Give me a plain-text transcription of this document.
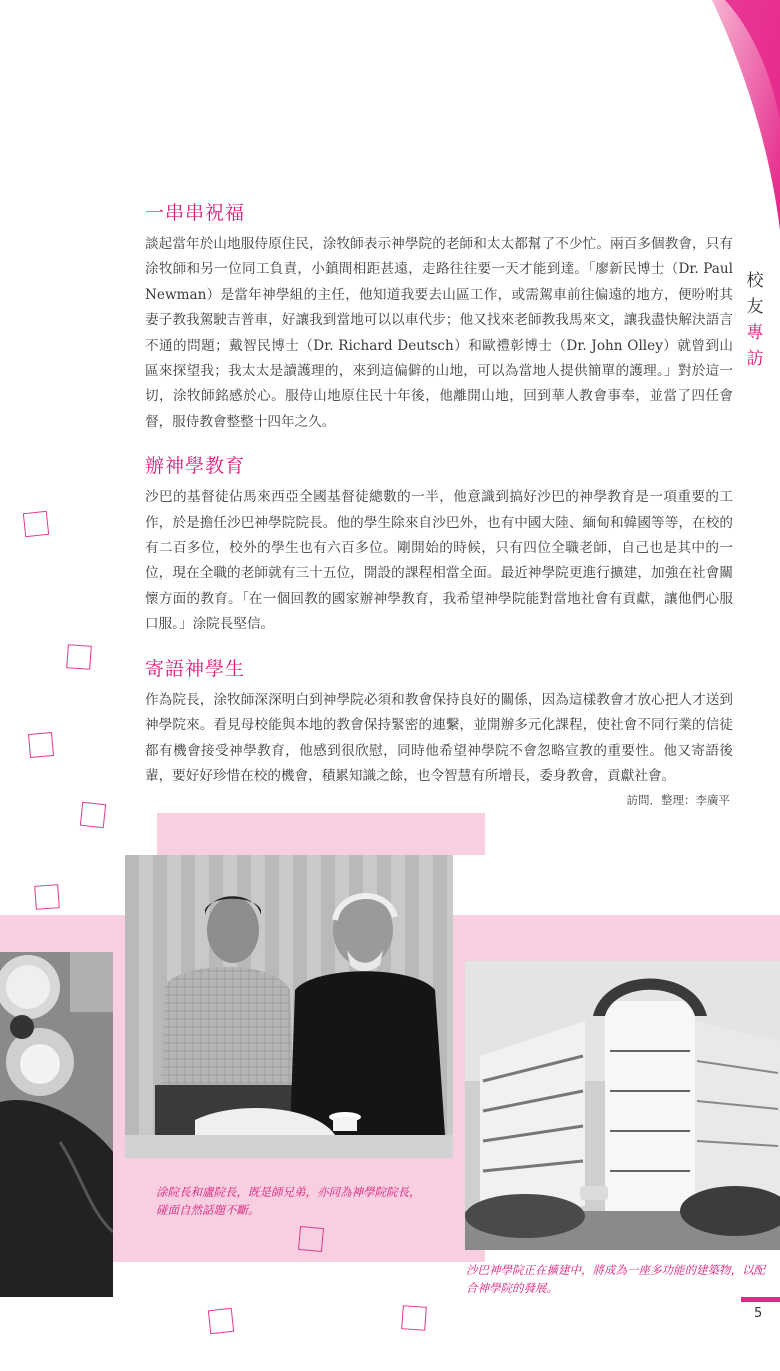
校
友
專
訪
一串串祝福

談起當年於山地服侍原住民，涂牧師表示神學院的老師和太太都幫了不少忙。兩百多個教會，只有涂牧師和另一位同工負責，小鎮間相距甚遠，走路往往要一天才能到達。「廖新民博士（Dr. Paul Newman）是當年神學組的主任，他知道我要去山區工作，或需駕車前往偏遠的地方，便吩咐其妻子教我駕駛吉普車，好讓我到當地可以以車代步；他又找來老師教我馬來文，讓我盡快解決語言不通的問題；戴智民博士（Dr. Richard Deutsch）和歐禮彰博士（Dr. John Olley）就曾到山區來探望我；我太太是讀護理的，來到這偏僻的山地，可以為當地人提供簡單的護理。」對於這一切，涂牧師銘感於心。服侍山地原住民十年後，他離開山地，回到華人教會事奉，並當了四任會督，服侍教會整整十四年之久。

辦神學教育

沙巴的基督徒佔馬來西亞全國基督徒總數的一半，他意識到搞好沙巴的神學教育是一項重要的工作，於是擔任沙巴神學院院長。他的學生除來自沙巴外，也有中國大陸、緬甸和韓國等等，在校的有二百多位，校外的學生也有六百多位。剛開始的時候，只有四位全職老師，自己也是其中的一位，現在全職的老師就有三十五位，開設的課程相當全面。最近神學院更進行擴建，加強在社會關懷方面的教育。「在一個回教的國家辦神學教育，我希望神學院能對當地社會有貢獻，讓他們心服口服。」涂院長堅信。

寄語神學生

作為院長，涂牧師深深明白到神學院必須和教會保持良好的關係，因為這樣教會才放心把人才送到神學院來。看見母校能與本地的教會保持緊密的連繫，並開辦多元化課程，使社會不同行業的信徒都有機會接受神學教育，他感到很欣慰，同時他希望神學院不會忽略宣教的重要性。他又寄語後輩，要好好珍惜在校的機會，積累知識之餘，也令智慧有所增長，委身教會，貢獻社會。

訪問．整理：李廣平
涂院長和盧院長，既是師兄弟，亦同為神學院院長，碰面自然話題不斷。
沙巴神學院正在擴建中，將成為一座多功能的建築物，以配合神學院的發展。
5
